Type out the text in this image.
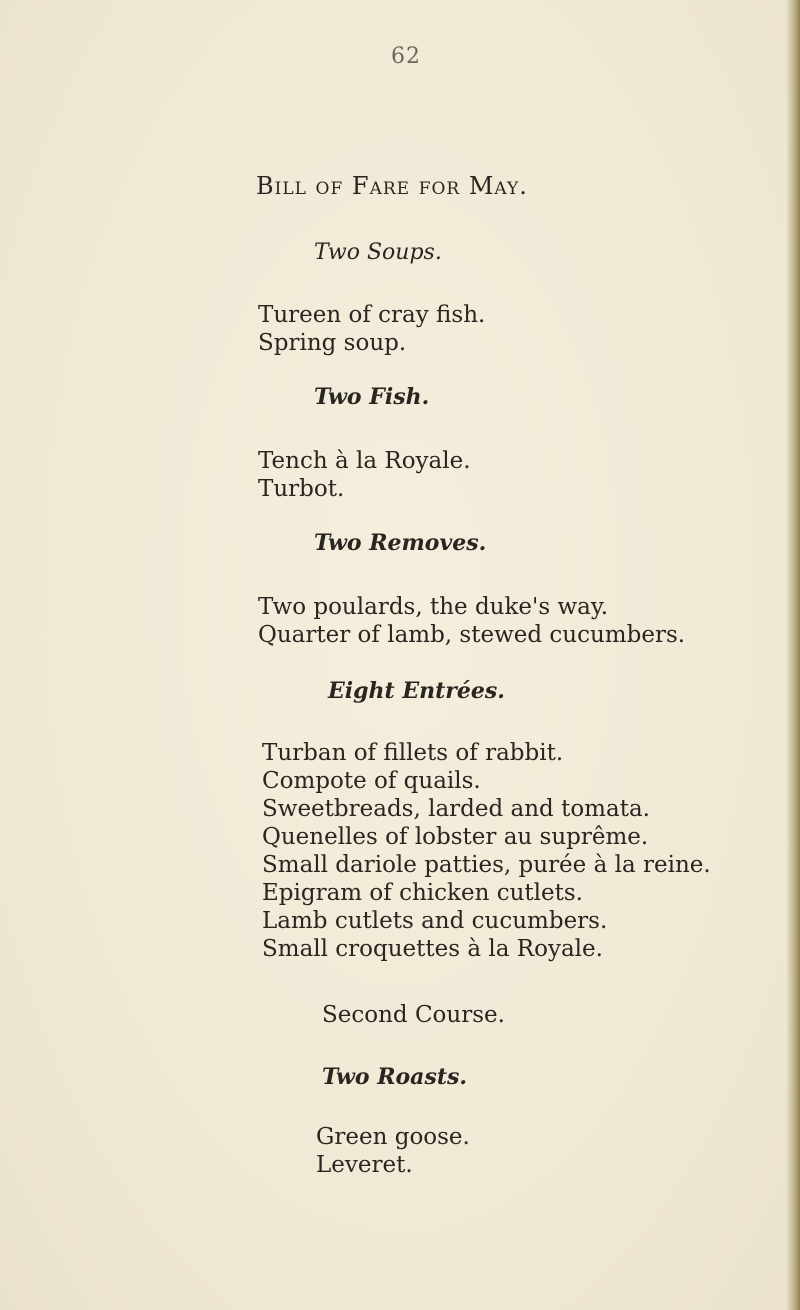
62
Bill of Fare for May.
Two Soups.
Tureen of cray fish.
Spring soup.
Two Fish.
Tench à la Royale.
Turbot.
Two Removes.
Two poulards, the duke's way.
Quarter of lamb, stewed cucumbers.
Eight Entrées.
Turban of fillets of rabbit.
Compote of quails.
Sweetbreads, larded and tomata.
Quenelles of lobster au suprême.
Small dariole patties, purée à la reine.
Epigram of chicken cutlets.
Lamb cutlets and cucumbers.
Small croquettes à la Royale.
Second Course.
Two Roasts.
Green goose.
Leveret.
